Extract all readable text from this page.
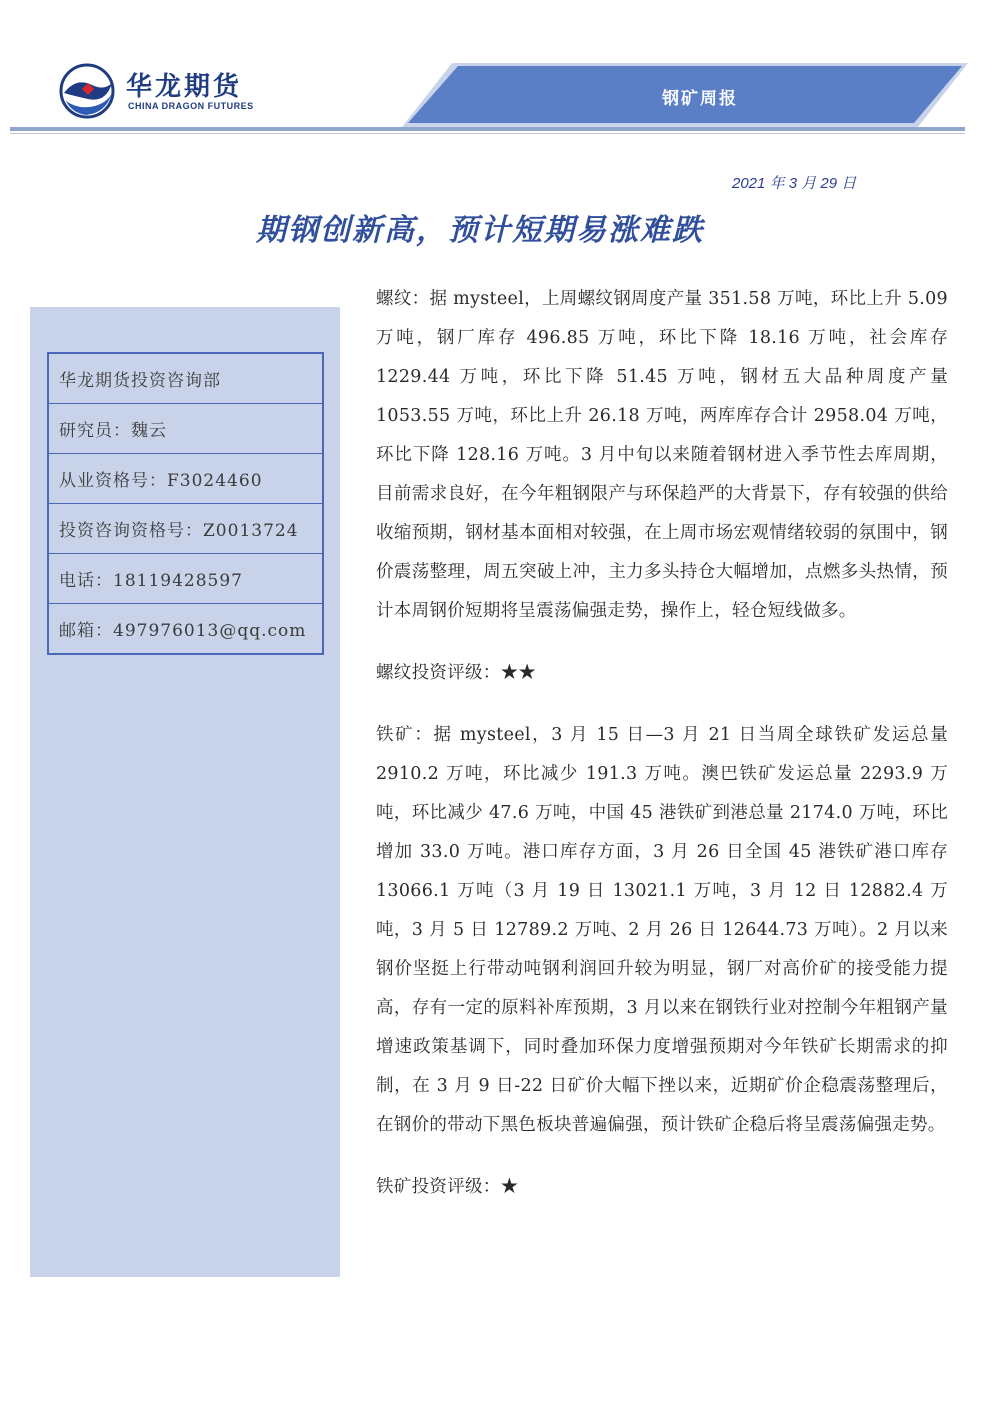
华龙期货
CHINA DRAGON FUTURES	钢矿周报
2021 年 3 月 29 日
期钢创新高，预计短期易涨难跌
华龙期货投资咨询部
研究员：魏云
从业资格号：F3024460
投资咨询资格号：Z0013724
电话：18119428597
邮箱：497976013@qq.com

螺纹：据 mysteel，上周螺纹钢周度产量 351.58 万吨，环比上升 5.09 万吨，钢厂库存 496.85 万吨，环比下降 18.16 万吨，社会库存 1229.44 万吨，环比下降 51.45 万吨，钢材五大品种周度产量 1053.55 万吨，环比上升 26.18 万吨，两库库存合计 2958.04 万吨，环比下降 128.16 万吨。3 月中旬以来随着钢材进入季节性去库周期，目前需求良好，在今年粗钢限产与环保趋严的大背景下，存有较强的供给收缩预期，钢材基本面相对较强，在上周市场宏观情绪较弱的氛围中，钢价震荡整理，周五突破上冲，主力多头持仓大幅增加，点燃多头热情，预计本周钢价短期将呈震荡偏强走势，操作上，轻仓短线做多。

螺纹投资评级：★★

铁矿：据 mysteel，3 月 15 日—3 月 21 日当周全球铁矿发运总量 2910.2 万吨，环比减少 191.3 万吨。澳巴铁矿发运总量 2293.9 万吨，环比减少 47.6 万吨，中国 45 港铁矿到港总量 2174.0 万吨，环比增加 33.0 万吨。港口库存方面，3 月 26 日全国 45 港铁矿港口库存 13066.1 万吨（3 月 19 日 13021.1 万吨，3 月 12 日 12882.4 万吨，3 月 5 日 12789.2 万吨、2 月 26 日 12644.73 万吨）。2 月以来钢价坚挺上行带动吨钢利润回升较为明显，钢厂对高价矿的接受能力提高，存有一定的原料补库预期，3 月以来在钢铁行业对控制今年粗钢产量增速政策基调下，同时叠加环保力度增强预期对今年铁矿长期需求的抑制，在 3 月 9 日-22 日矿价大幅下挫以来，近期矿价企稳震荡整理后，在钢价的带动下黑色板块普遍偏强，预计铁矿企稳后将呈震荡偏强走势。

铁矿投资评级：★
